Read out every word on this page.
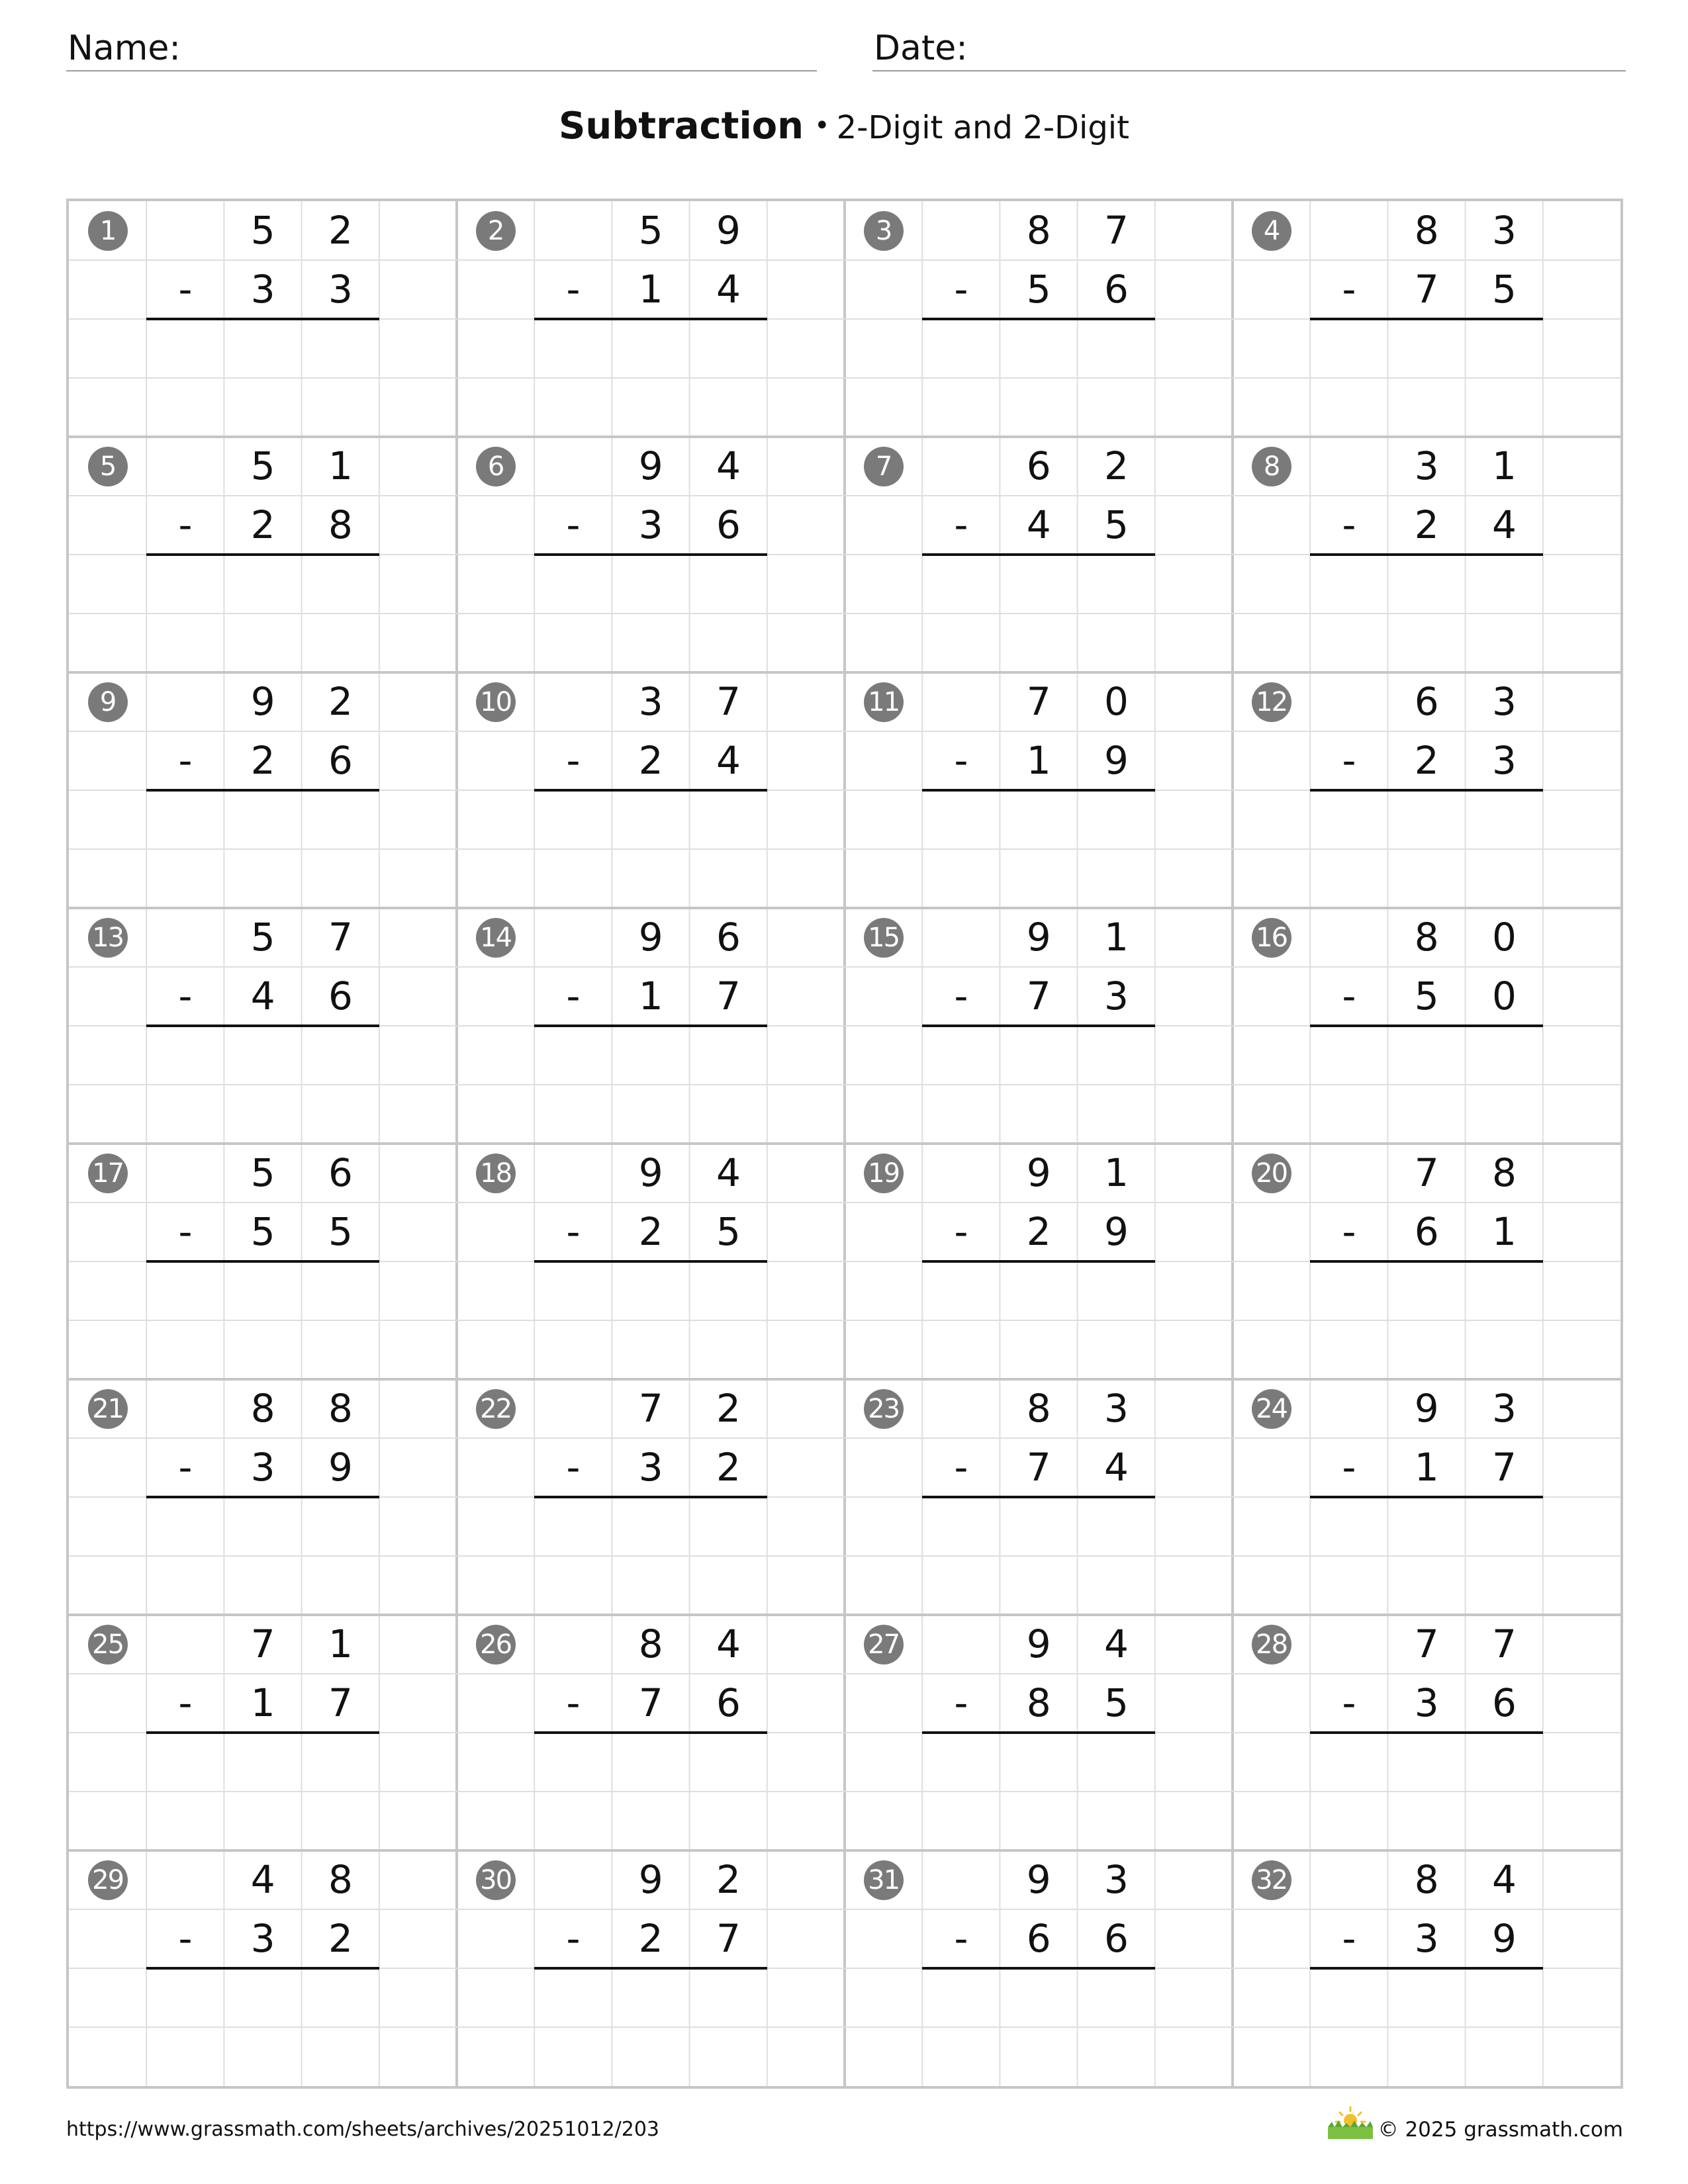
Name:	Date:
Subtraction • 2-Digit and 2-Digit
1	5	2
-	3	3
2	5	9
-	1	4
3	8	7
-	5	6
4	8	3
-	7	5
5	5	1
-	2	8
6	9	4
-	3	6
7	6	2
-	4	5
8	3	1
-	2	4
9	9	2
-	2	6
10	3	7
-	2	4
11	7	0
-	1	9
12	6	3
-	2	3
13	5	7
-	4	6
14	9	6
-	1	7
15	9	1
-	7	3
16	8	0
-	5	0
17	5	6
-	5	5
18	9	4
-	2	5
19	9	1
-	2	9
20	7	8
-	6	1
21	8	8
-	3	9
22	7	2
-	3	2
23	8	3
-	7	4
24	9	3
-	1	7
25	7	1
-	1	7
26	8	4
-	7	6
27	9	4
-	8	5
28	7	7
-	3	6
29	4	8
-	3	2
30	9	2
-	2	7
31	9	3
-	6	6
32	8	4
-	3	9
https://www.grassmath.com/sheets/archives/20251012/203	© 2025 grassmath.com
